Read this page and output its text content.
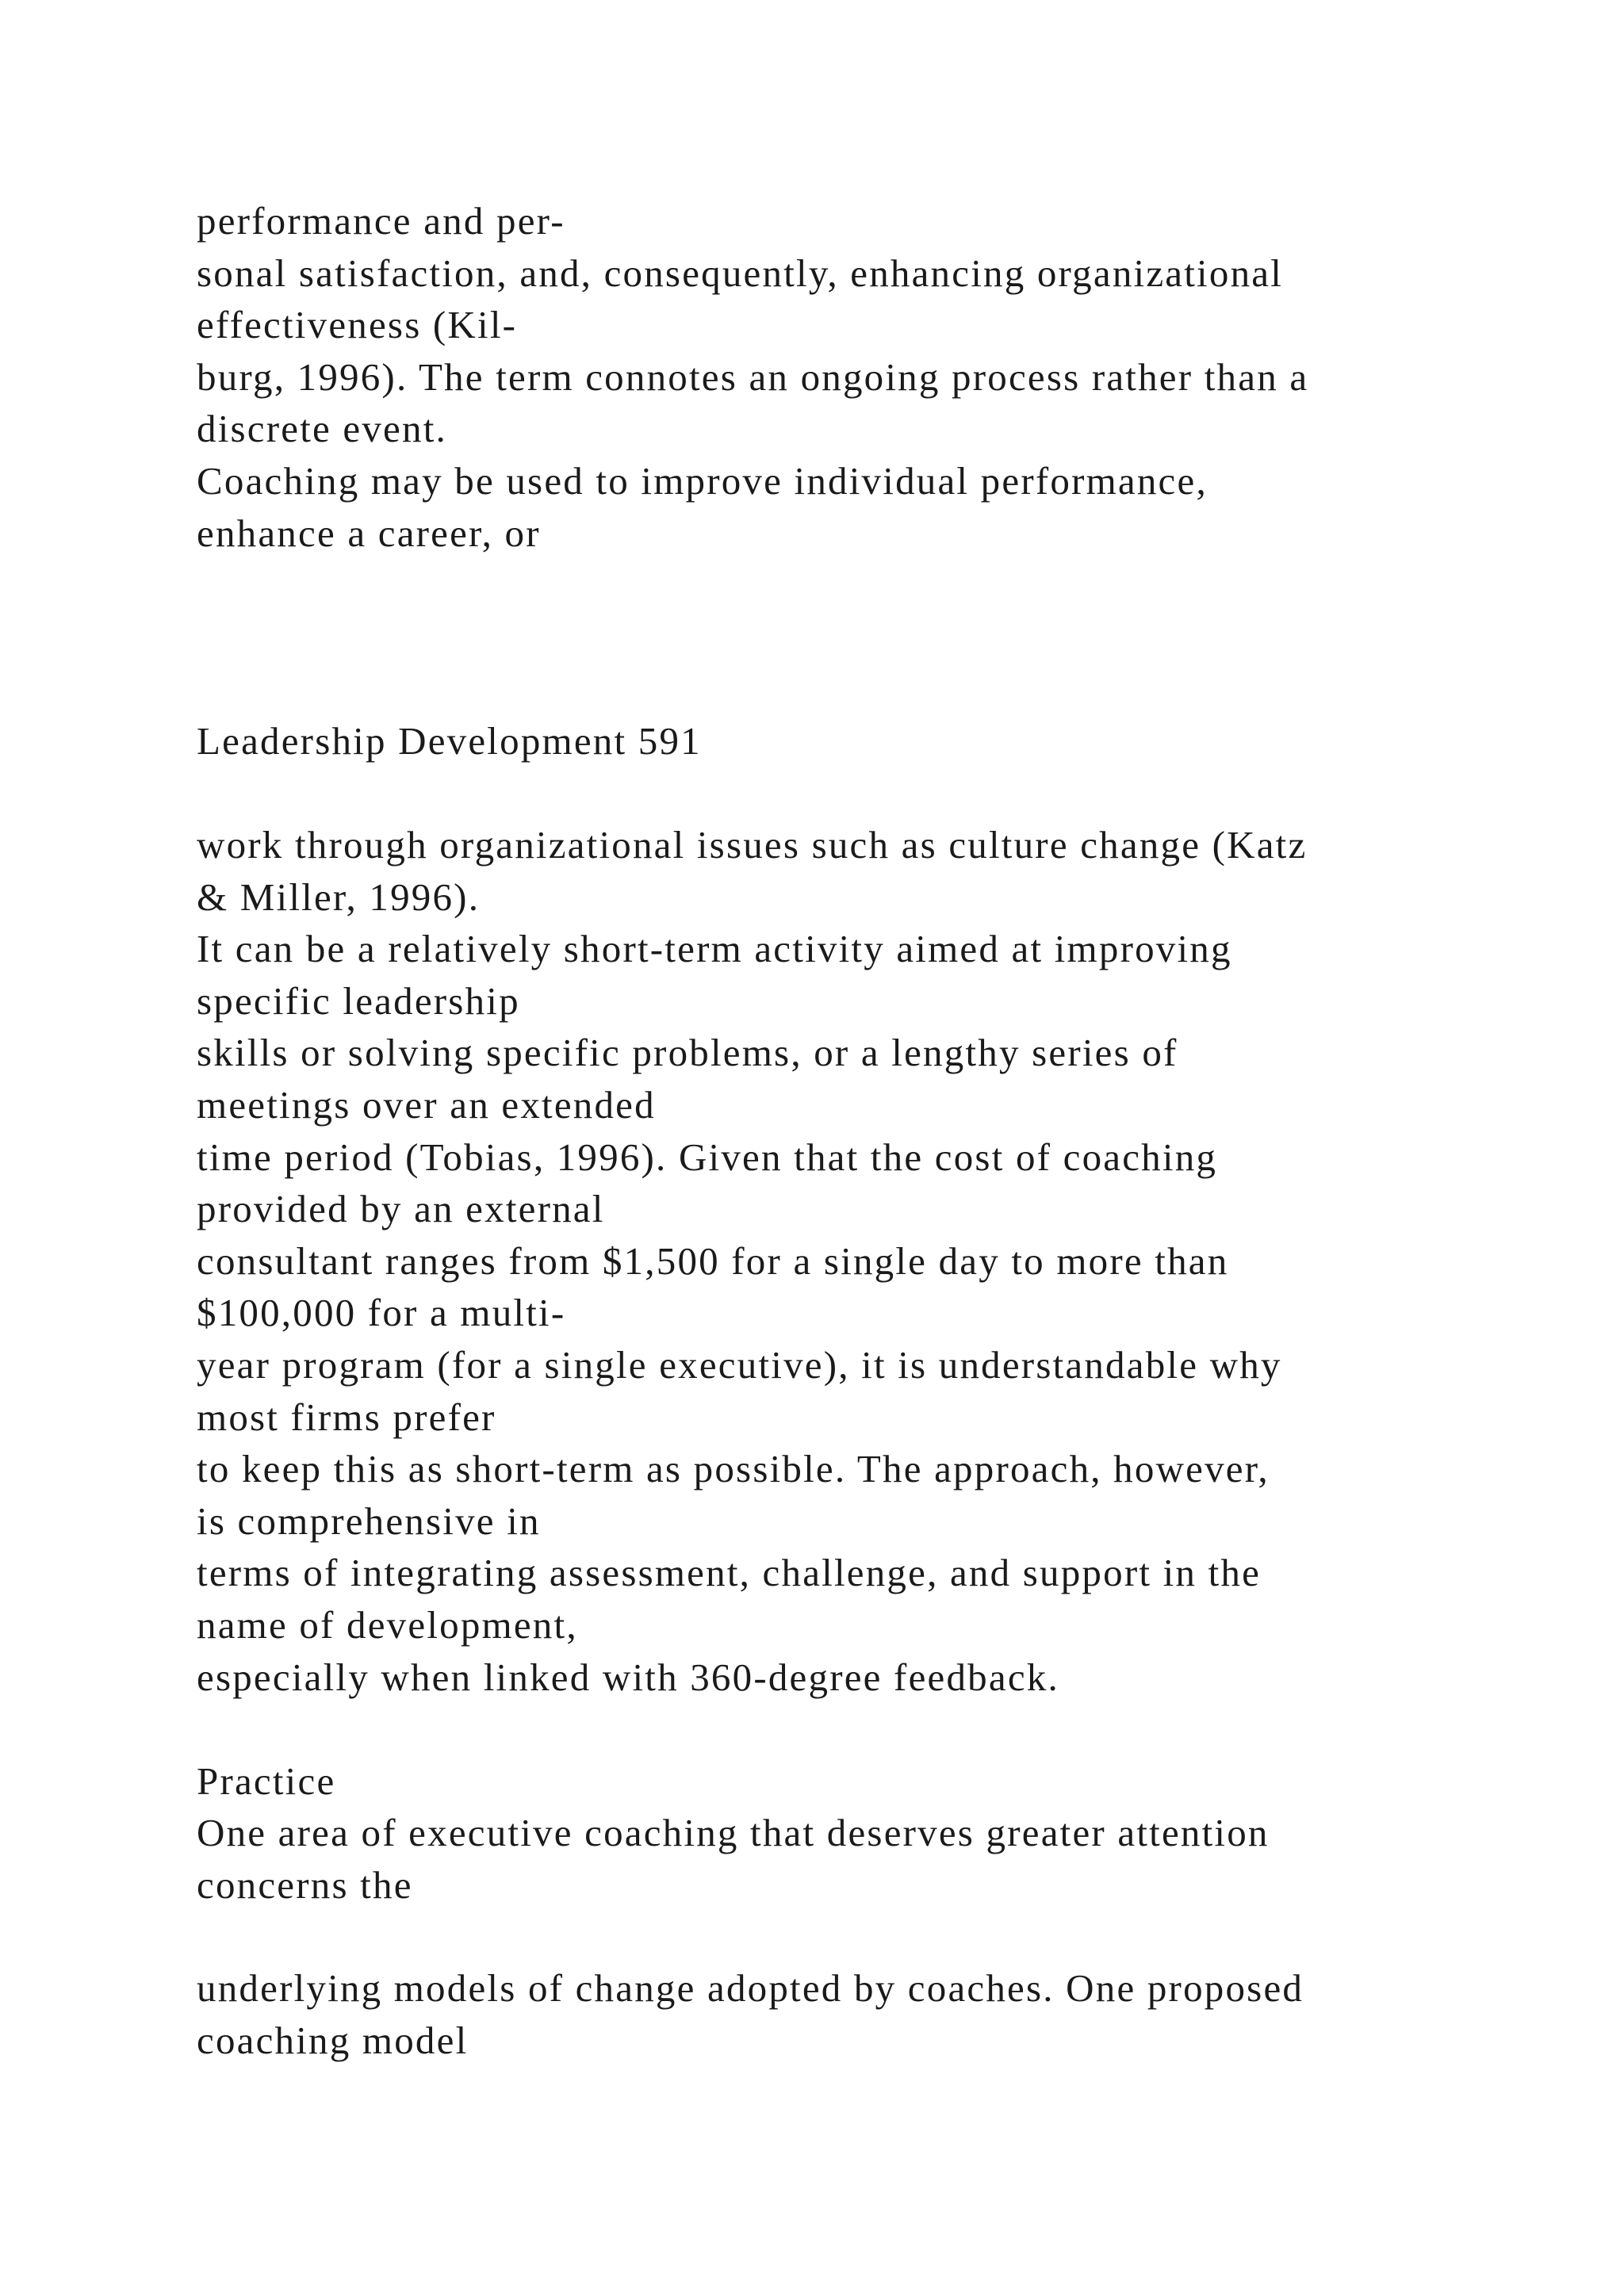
performance and per-
sonal satisfaction, and, consequently, enhancing organizational
effectiveness (Kil-
burg, 1996). The term connotes an ongoing process rather than a
discrete event.
Coaching may be used to improve individual performance,
enhance a career, or
Leadership Development 591
work through organizational issues such as culture change (Katz
& Miller, 1996).
It can be a relatively short-term activity aimed at improving
specific leadership
skills or solving specific problems, or a lengthy series of
meetings over an extended
time period (Tobias, 1996). Given that the cost of coaching
provided by an external
consultant ranges from $1,500 for a single day to more than
$100,000 for a multi-
year program (for a single executive), it is understandable why
most firms prefer
to keep this as short-term as possible. The approach, however,
is comprehensive in
terms of integrating assessment, challenge, and support in the
name of development,
especially when linked with 360-degree feedback.
Practice
One area of executive coaching that deserves greater attention
concerns the
underlying models of change adopted by coaches. One proposed
coaching model
